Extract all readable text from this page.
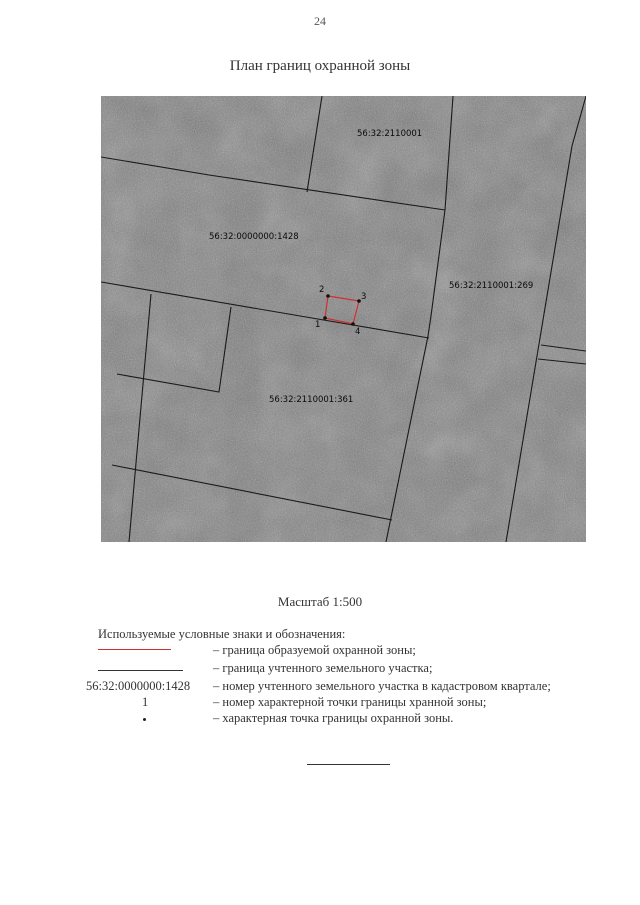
24
План границ охранной зоны
56:32:2110001
56:32:0000000:1428
56:32:2110001:269
56:32:2110001:361
1
2
3
4
Масштаб 1:500
Используемые условные знаки и обозначения:
– граница образуемой охранной зоны;
– граница учтенного земельного участка;
56:32:0000000:1428 – номер учтенного земельного участка в кадастровом квартале;
1	– номер характерной точки границы хранной зоны;
– характерная точка границы охранной зоны.
